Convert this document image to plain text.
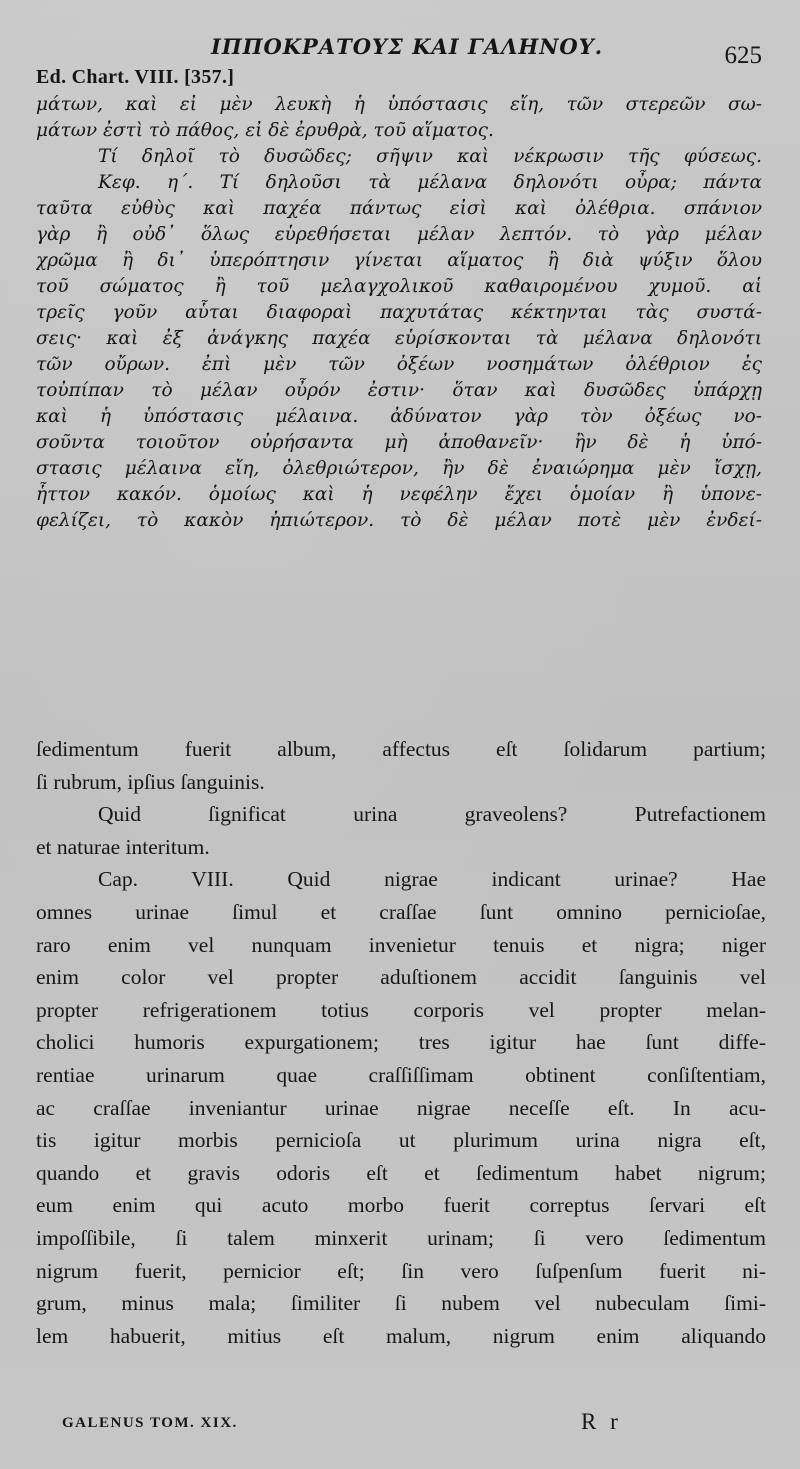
ΙΠΠΟΚΡΑΤΟΥΣ ΚΑΙ ΓΑΛΗΝΟΥ.	625
Ed. Chart. VIII. [357.]
μάτων, καὶ εἰ μὲν λευκὴ ἡ ὑπόστασις εἴη, τῶν στερεῶν σω-
μάτων ἐστὶ τὸ πάθος, εἰ δὲ ἐρυθρὰ, τοῦ αἵματος.
Τί δηλοῖ τὸ δυσῶδες; σῆψιν καὶ νέκρωσιν τῆς φύσεως.
Κεφ. η΄. Τί δηλοῦσι τὰ μέλανα δηλονότι οὖρα; πάντα
ταῦτα εὐθὺς καὶ παχέα πάντως εἰσὶ καὶ ὀλέθρια. σπάνιον
γὰρ ἢ οὐδ᾽ ὅλως εὑρεθήσεται μέλαν λεπτόν. τὸ γὰρ μέλαν
χρῶμα ἢ δι᾽ ὑπερόπτησιν γίνεται αἵματος ἢ διὰ ψύξιν ὅλου
τοῦ σώματος ἢ τοῦ μελαγχολικοῦ καθαιρομένου χυμοῦ. αἱ
τρεῖς γοῦν αὗται διαφοραὶ παχυτάτας κέκτηνται τὰς συστά-
σεις· καὶ ἐξ ἀνάγκης παχέα εὑρίσκονται τὰ μέλανα δηλονότι
τῶν οὔρων. ἐπὶ μὲν τῶν ὀξέων νοσημάτων ὀλέθριον ἐς
τοὐπίπαν τὸ μέλαν οὖρόν ἐστιν· ὅταν καὶ δυσῶδες ὑπάρχῃ
καὶ ἡ ὑπόστασις μέλαινα. ἀδύνατον γὰρ τὸν ὀξέως νο-
σοῦντα τοιοῦτον οὐρήσαντα μὴ ἀποθανεῖν· ἢν δὲ ἡ ὑπό-
στασις μέλαινα εἴη, ὀλεθριώτερον, ἢν δὲ ἐναιώρημα μὲν ἴσχῃ,
ἧττον κακόν. ὁμοίως καὶ ἡ νεφέλην ἔχει ὁμοίαν ἢ ὑπονε-
φελίζει, τὸ κακὸν ἠπιώτερον. τὸ δὲ μέλαν ποτὲ μὲν ἐνδεί-
ſedimentum fuerit album, affectus eſt ſolidarum partium;
ſi rubrum, ipſius ſanguinis.
Quid ſignificat urina graveolens? Putrefactionem
et naturae interitum.
Cap. VIII. Quid nigrae indicant urinae? Hae
omnes urinae ſimul et craſſae ſunt omnino pernicioſae,
raro enim vel nunquam invenietur tenuis et nigra; niger
enim color vel propter aduſtionem accidit ſanguinis vel
propter refrigerationem totius corporis vel propter melan-
cholici humoris expurgationem; tres igitur hae ſunt diffe-
rentiae urinarum quae craſſiſſimam obtinent conſiſtentiam,
ac craſſae inveniantur urinae nigrae neceſſe eſt. In acu-
tis igitur morbis pernicioſa ut plurimum urina nigra eſt,
quando et gravis odoris eſt et ſedimentum habet nigrum;
eum enim qui acuto morbo fuerit correptus ſervari eſt
impoſſibile, ſi talem minxerit urinam; ſi vero ſedimentum
nigrum fuerit, pernicior eſt; ſin vero ſuſpenſum fuerit ni-
grum, minus mala; ſimiliter ſi nubem vel nubeculam ſimi-
lem habuerit, mitius eſt malum, nigrum enim aliquando
GALENUS TOM. XIX.	R r
